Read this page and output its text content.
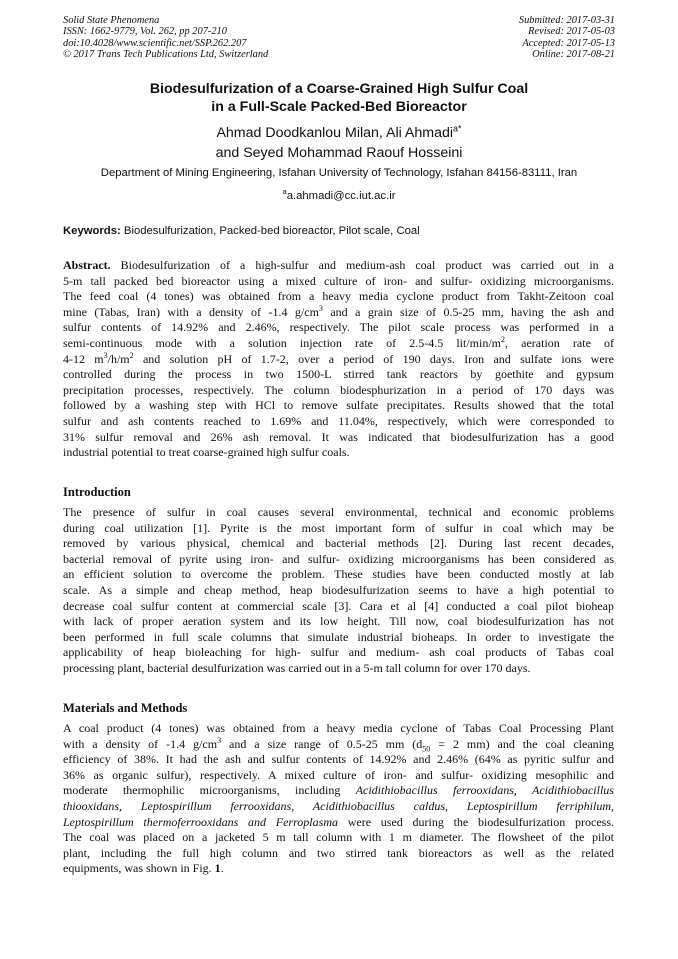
Solid State Phenomena
ISSN: 1662-9779, Vol. 262, pp 207-210
doi:10.4028/www.scientific.net/SSP.262.207
© 2017 Trans Tech Publications Ltd, Switzerland
Submitted: 2017-03-31
Revised: 2017-05-03
Accepted: 2017-05-13
Online: 2017-08-21
Biodesulfurization of a Coarse-Grained High Sulfur Coal
in a Full-Scale Packed-Bed Bioreactor
Ahmad Doodkanlou Milan, Ali Ahmadi$^{a*}$
and Seyed Mohammad Raouf Hosseini
Department of Mining Engineering, Isfahan University of Technology, Isfahan 84156-83111, Iran
$^a$a.ahmadi@cc.iut.ac.ir
Keywords: Biodesulfurization, Packed-bed bioreactor, Pilot scale, Coal
Abstract. Biodesulfurization of a high-sulfur and medium-ash coal product was carried out in a
5-m tall packed bed bioreactor using a mixed culture of iron- and sulfur- oxidizing microorganisms.
The feed coal (4 tones) was obtained from a heavy media cyclone product from Takht-Zeitoon coal
mine (Tabas, Iran) with a density of -1.4 $g/cm^3$ and a grain size of 0.5-25 mm, having the ash and
sulfur contents of 14.92% and 2.46%, respectively. The pilot scale process was performed in a
semi-continuous mode with a solution injection rate of 2.5-4.5 lit/$\min/m^2$, aeration rate of
4-12 $m^3/h/m^2$ and solution pH of 1.7-2, over a period of 190 days. Iron and sulfate ions were
controlled during the process in two 1500-L stirred tank reactors by goethite and gypsum
precipitation processes, respectively. The column biodesphurization in a period of 170 days was
followed by a washing step with HCl to remove sulfate precipitates. Results showed that the total
sulfur and ash contents reached to 1.69% and 11.04%, respectively, which were corresponded to
31% sulfur removal and 26% ash removal. It was indicated that biodesulfurization has a good
industrial potential to treat coarse-grained high sulfur coals.
Introduction
The presence of sulfur in coal causes several environmental, technical and economic problems
during coal utilization [1]. Pyrite is the most important form of sulfur in coal which may be
removed by various physical, chemical and bacterial methods [2]. During last recent decades,
bacterial removal of pyrite using iron- and sulfur- oxidizing microorganisms has been considered as
an efficient solution to overcome the problem. These studies have been conducted mostly at lab
scale. As a simple and cheap method, heap biodesulfurization seems to have a high potential to
decrease coal sulfur content at commercial scale [3]. Cara et al [4] conducted a coal pilot bioheap
with lack of proper aeration system and its low height. Till now, coal biodesulfurization has not
been performed in full scale columns that simulate industrial bioheaps. In order to investigate the
applicability of heap bioleaching for high- sulfur and medium- ash coal products of Tabas coal
processing plant, bacterial desulfurization was carried out in a 5-m tall column for over 170 days.
Materials and Methods
A coal product (4 tones) was obtained from a heavy media cyclone of Tabas Coal Processing Plant
with a density of -1.4 $g/cm^3$ and a size range of 0.5-25 mm ($d_{50} = 2$ mm) and the coal cleaning
efficiency of 38%. It had the ash and sulfur contents of 14.92% and 2.46% (64% as pyritic sulfur and
36% as organic sulfur), respectively. A mixed culture of iron- and sulfur- oxidizing mesophilic and
moderate thermophilic microorganisms, including Acidithiobacillus ferrooxidans, Acidithiobacillus
thiooxidans, Leptospirillum ferrooxidans, Acidithiobacillus caldus, Leptospirillum ferriphilum,
Leptospirillum thermoferrooxidans and Ferroplasma were used during the biodesulfurization process.
The coal was placed on a jacketed 5 m tall column with 1 m diameter. The flowsheet of the pilot
plant, including the full high column and two stirred tank bioreactors as well as the related
equipments, was shown in Fig. 1.
